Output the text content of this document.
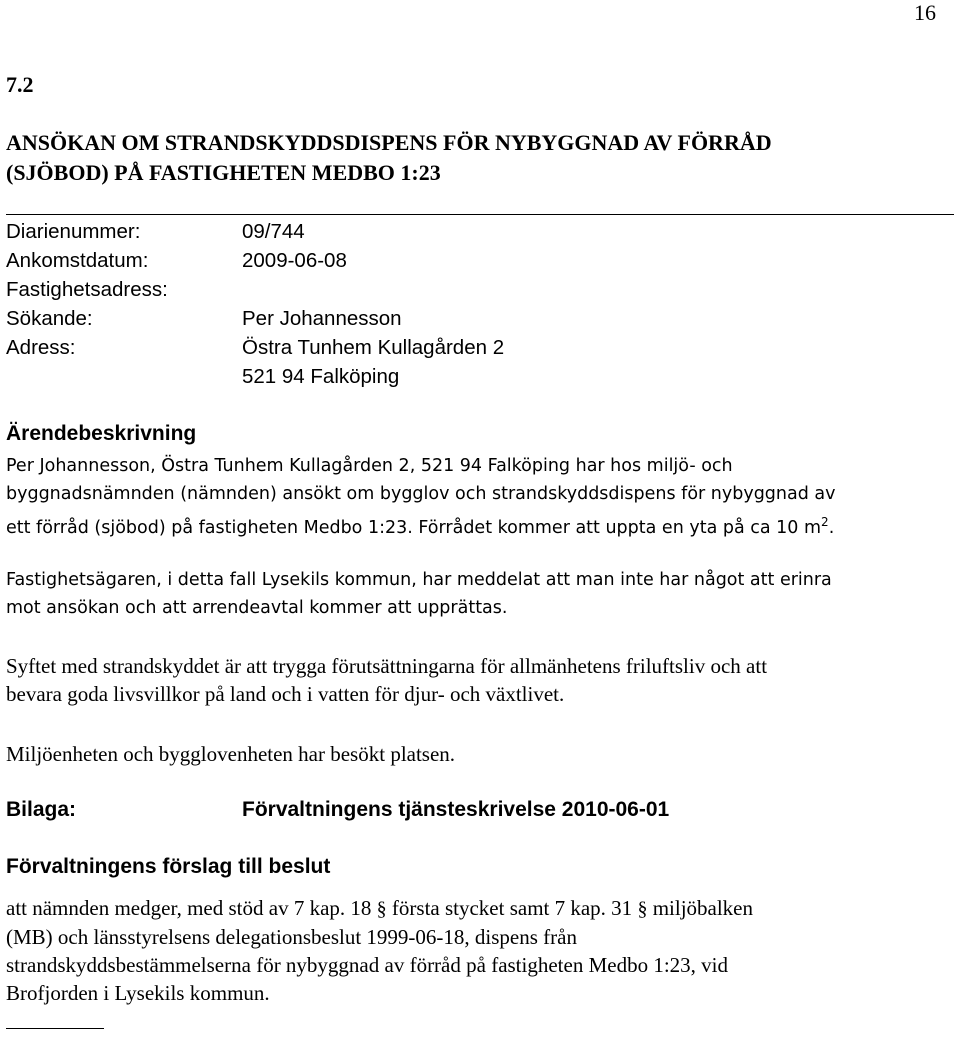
16
7.2
ANSÖKAN OM STRANDSKYDDSDISPENS FÖR NYBYGGNAD AV FÖRRÅD
(SJÖBOD) PÅ FASTIGHETEN MEDBO 1:23
Diarienummer:	09/744
Ankomstdatum:	2009-06-08
Fastighetsadress:
Sökande:	Per Johannesson
Adress:	Östra Tunhem Kullagården 2
521 94 Falköping
Ärendebeskrivning
Per Johannesson, Östra Tunhem Kullagården 2, 521 94 Falköping har hos miljö- och
byggnadsnämnden (nämnden) ansökt om bygglov och strandskyddsdispens för nybyggnad av
ett förråd (sjöbod) på fastigheten Medbo 1:23. Förrådet kommer att uppta en yta på ca 10 $m^2$.
Fastighetsägaren, i detta fall Lysekils kommun, har meddelat att man inte har något att erinra
mot ansökan och att arrendeavtal kommer att upprättas.
Syftet med strandskyddet är att trygga förutsättningarna för allmänhetens friluftsliv och att
bevara goda livsvillkor på land och i vatten för djur- och växtlivet.
Miljöenheten och bygglovenheten har besökt platsen.
Bilaga:	Förvaltningens tjänsteskrivelse 2010-06-01
Förvaltningens förslag till beslut
att nämnden medger, med stöd av 7 kap. 18 § första stycket samt 7 kap. 31 § miljöbalken
(MB) och länsstyrelsens delegationsbeslut 1999-06-18, dispens från
strandskyddsbestämmelserna för nybyggnad av förråd på fastigheten Medbo 1:23, vid
Brofjorden i Lysekils kommun.
